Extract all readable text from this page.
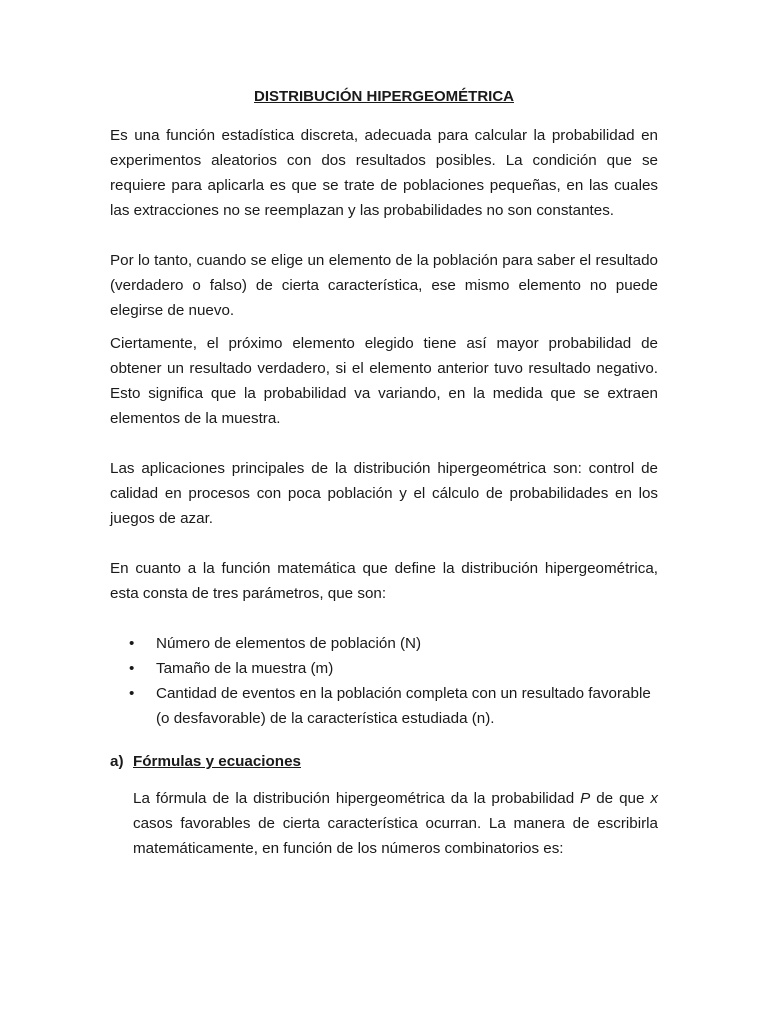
DISTRIBUCIÓN HIPERGEOMÉTRICA

Es una función estadística discreta, adecuada para calcular la probabilidad en experimentos aleatorios con dos resultados posibles. La condición que se requiere para aplicarla es que se trate de poblaciones pequeñas, en las cuales las extracciones no se reemplazan y las probabilidades no son constantes.

Por lo tanto, cuando se elige un elemento de la población para saber el resultado (verdadero o falso) de cierta característica, ese mismo elemento no puede elegirse de nuevo.

Ciertamente, el próximo elemento elegido tiene así mayor probabilidad de obtener un resultado verdadero, si el elemento anterior tuvo resultado negativo. Esto significa que la probabilidad va variando, en la medida que se extraen elementos de la muestra.

Las aplicaciones principales de la distribución hipergeométrica son: control de calidad en procesos con poca población y el cálculo de probabilidades en los juegos de azar.

En cuanto a la función matemática que define la distribución hipergeométrica, esta consta de tres parámetros, que son:

• Número de elementos de población (N)
• Tamaño de la muestra (m)
• Cantidad de eventos en la población completa con un resultado favorable (o desfavorable) de la característica estudiada (n).
a) Fórmulas y ecuaciones

La fórmula de la distribución hipergeométrica da la probabilidad P de que x casos favorables de cierta característica ocurran. La manera de escribirla matemáticamente, en función de los números combinatorios es:
